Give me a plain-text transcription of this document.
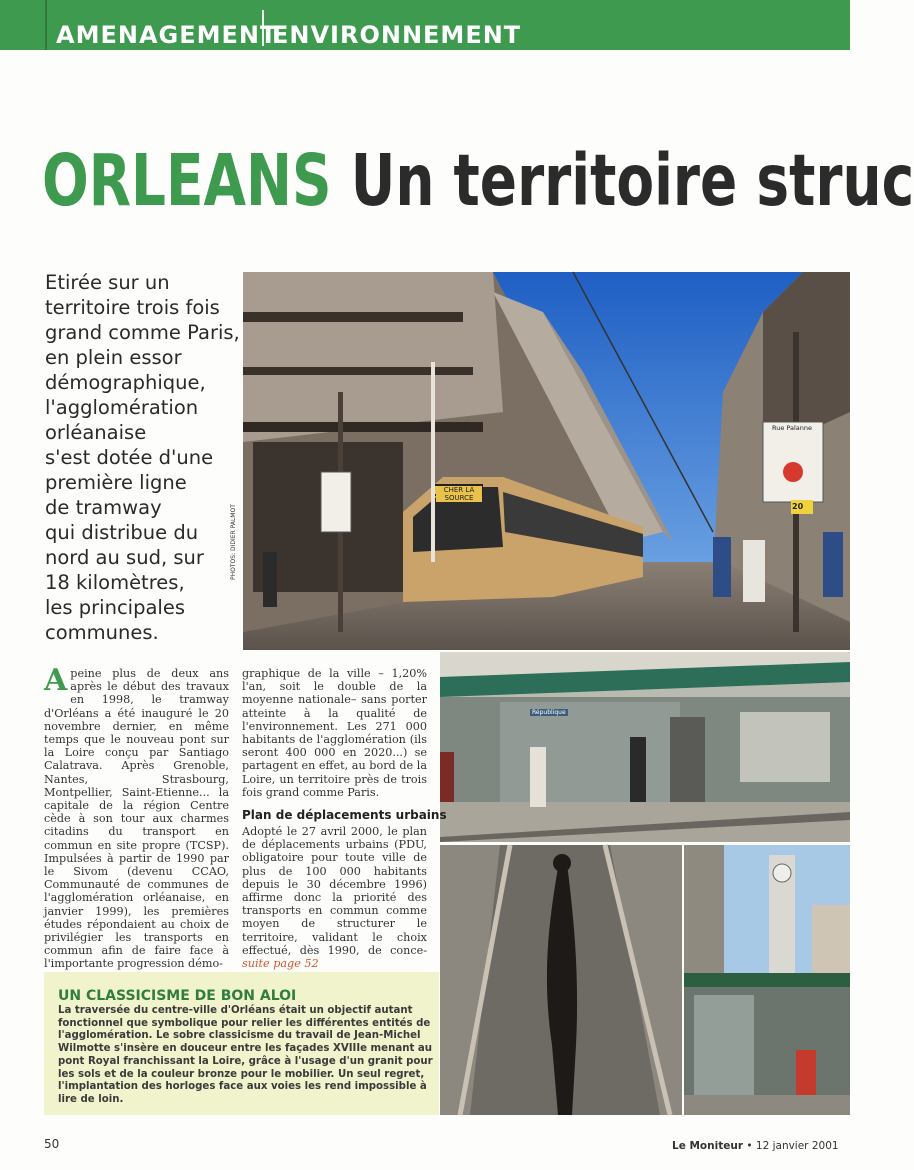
AMENAGEMENT
ENVIRONNEMENT
ORLEANS Un territoire struc
Etirée sur un
territoire trois fois
grand comme Paris,
en plein essor
démographique,
l'agglomération
orléanaise
s'est dotée d'une
première ligne
de tramway
qui distribue du
nord au sud, sur
18 kilomètres,
les principales
communes.
PHOTOS: DIDIER PALMOT
Apeine plus de deux ans après le début des travaux en 1998, le tramway d'Orléans a été inauguré le 20 novembre dernier, en même temps que le nouveau pont sur la Loire conçu par Santiago Calatrava. Après Grenoble, Nantes, Strasbourg, Montpellier, Saint-Etienne... la capitale de la région Centre cède à son tour aux charmes citadins du transport en commun en site propre (TCSP). Impulsées à partir de 1990 par le Sivom (devenu CCAO, Communauté de communes de l'agglomération orléanaise, en janvier 1999), les premières études répondaient au choix de privilégier les transports en commun afin de faire face à l'importante progression démo-
graphique de la ville – 1,20% l'an, soit le double de la moyenne nationale– sans porter atteinte à la qualité de l'environnement. Les 271 000 habitants de l'agglomération (ils seront 400 000 en 2020...) se partagent en effet, au bord de la Loire, un territoire près de trois fois grand comme Paris.
Plan de déplacements urbains
Adopté le 27 avril 2000, le plan de déplacements urbains (PDU, obligatoire pour toute ville de plus de 100 000 habitants depuis le 30 décembre 1996) affirme donc la priorité des transports en commun comme moyen de structurer le territoire, validant le choix effectué, dès 1990, de conce- suite page 52
UN CLASSICISME DE BON ALOI
La traversée du centre-ville d'Orléans était un objectif autant fonctionnel que symbolique pour relier les différentes entités de l'agglomération. Le sobre classicisme du travail de Jean-Michel Wilmotte s'insère en douceur entre les façades XVIIIe menant au pont Royal franchissant la Loire, grâce à l'usage d'un granit pour les sols et de la couleur bronze pour le mobilier. Un seul regret, l'implantation des horloges face aux voies les rend impossible à lire de loin.
50	Le Moniteur • 12 janvier 2001
CHER LA SOURCE
Rue Palanne
20
République
